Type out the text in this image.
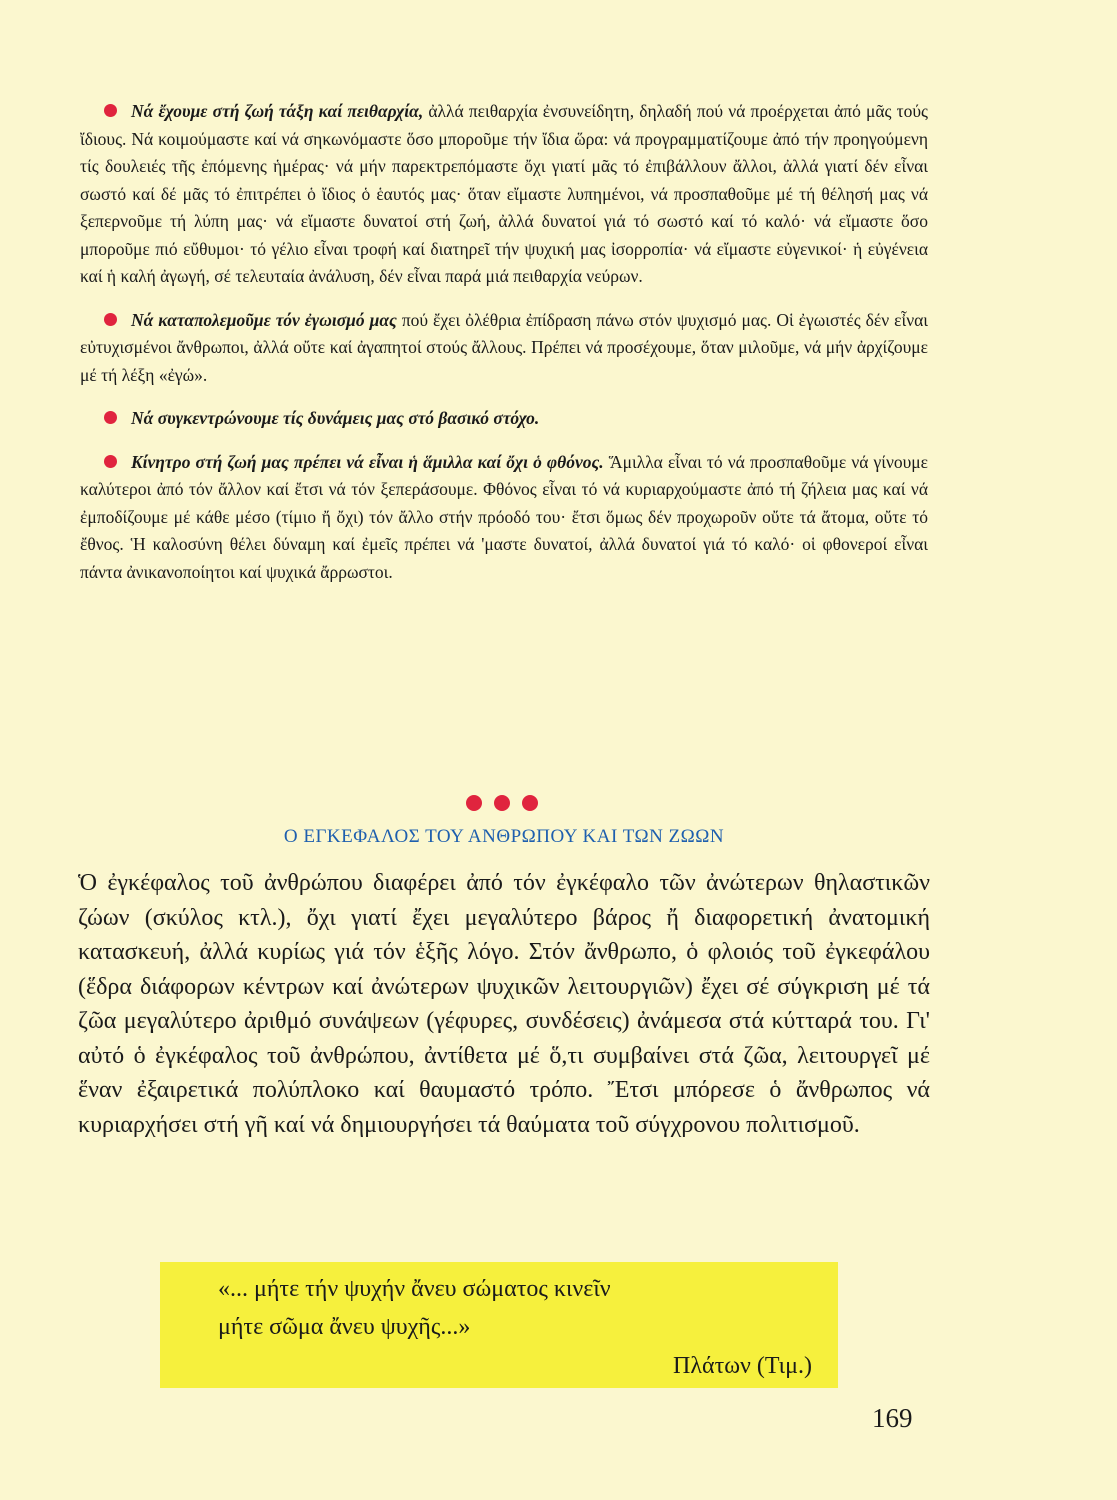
Νά ἔχουμε στή ζωή τάξη καί πειθαρχία, ἀλλά πειθαρχία ἐνσυνείδητη, δηλαδή πού νά προέρχεται ἀπό μᾶς τούς ἴδιους. Νά κοιμούμαστε καί νά σηκωνόμαστε ὅσο μποροῦμε τήν ἴδια ὥρα: νά προγραμματίζουμε ἀπό τήν προηγούμενη τίς δουλειές τῆς ἐπόμενης ἡμέρας· νά μήν παρεκτρεπόμαστε ὄχι γιατί μᾶς τό ἐπιβάλλουν ἄλλοι, ἀλλά γιατί δέν εἶναι σωστό καί δέ μᾶς τό ἐπιτρέπει ὁ ἴδιος ὁ ἑαυτός μας· ὅταν εἴμαστε λυπημένοι, νά προσπαθοῦμε μέ τή θέλησή μας νά ξεπερνοῦμε τή λύπη μας· νά εἴμαστε δυνατοί στή ζωή, ἀλλά δυνατοί γιά τό σωστό καί τό καλό· νά εἴμαστε ὅσο μποροῦμε πιό εὔθυμοι· τό γέλιο εἶναι τροφή καί διατηρεῖ τήν ψυχική μας ἰσορροπία· νά εἴμαστε εὐγενικοί· ἡ εὐγένεια καί ἡ καλή ἀγωγή, σέ τελευταία ἀνάλυση, δέν εἶναι παρά μιά πειθαρχία νεύρων.

Νά καταπολεμοῦμε τόν ἐγωισμό μας πού ἔχει ὀλέθρια ἐπίδραση πάνω στόν ψυχισμό μας. Οἱ ἐγωιστές δέν εἶναι εὐτυχισμένοι ἄνθρωποι, ἀλλά οὔτε καί ἀγαπητοί στούς ἄλλους. Πρέπει νά προσέχουμε, ὅταν μιλοῦμε, νά μήν ἀρχίζουμε μέ τή λέξη «ἐγώ».

Νά συγκεντρώνουμε τίς δυνάμεις μας στό βασικό στόχο.

Κίνητρο στή ζωή μας πρέπει νά εἶναι ἡ ἅμιλλα καί ὄχι ὁ φθόνος. Ἅμιλλα εἶναι τό νά προσπαθοῦμε νά γίνουμε καλύτεροι ἀπό τόν ἄλλον καί ἔτσι νά τόν ξεπεράσουμε. Φθόνος εἶναι τό νά κυριαρχούμαστε ἀπό τή ζήλεια μας καί νά ἐμποδίζουμε μέ κάθε μέσο (τίμιο ἤ ὄχι) τόν ἄλλο στήν πρόοδό του· ἔτσι ὅμως δέν προχωροῦν οὔτε τά ἄτομα, οὔτε τό ἔθνος. Ἡ καλοσύνη θέλει δύναμη καί ἐμεῖς πρέπει νά 'μαστε δυνατοί, ἀλλά δυνατοί γιά τό καλό· οἱ φθονεροί εἶναι πάντα ἀνικανοποίητοι καί ψυχικά ἄρρωστοι.

Ο ΕΓΚΕΦΑΛΟΣ ΤΟΥ ΑΝΘΡΩΠΟΥ ΚΑΙ ΤΩΝ ΖΩΩΝ

Ὁ ἐγκέφαλος τοῦ ἀνθρώπου διαφέρει ἀπό τόν ἐγκέφαλο τῶν ἀνώτερων θηλαστικῶν ζώων (σκύλος κτλ.), ὄχι γιατί ἔχει μεγαλύτερο βάρος ἤ διαφορετική ἀνατομική κατασκευή, ἀλλά κυρίως γιά τόν ἑξῆς λόγο. Στόν ἄνθρωπο, ὁ φλοιός τοῦ ἐγκεφάλου (ἕδρα διάφορων κέντρων καί ἀνώτερων ψυχικῶν λειτουργιῶν) ἔχει σέ σύγκριση μέ τά ζῶα μεγαλύτερο ἀριθμό συνάψεων (γέφυρες, συνδέσεις) ἀνάμεσα στά κύτταρά του. Γι' αὐτό ὁ ἐγκέφαλος τοῦ ἀνθρώπου, ἀντίθετα μέ ὅ,τι συμβαίνει στά ζῶα, λειτουργεῖ μέ ἕναν ἐξαιρετικά πολύπλοκο καί θαυμαστό τρόπο. Ἔτσι μπόρεσε ὁ ἄνθρωπος νά κυριαρχήσει στή γῆ καί νά δημιουργήσει τά θαύματα τοῦ σύγχρονου πολιτισμοῦ.

«... μήτε τήν ψυχήν ἄνευ σώματος κινεῖν
μήτε σῶμα ἄνευ ψυχῆς...»
Πλάτων (Τιμ.)
169
